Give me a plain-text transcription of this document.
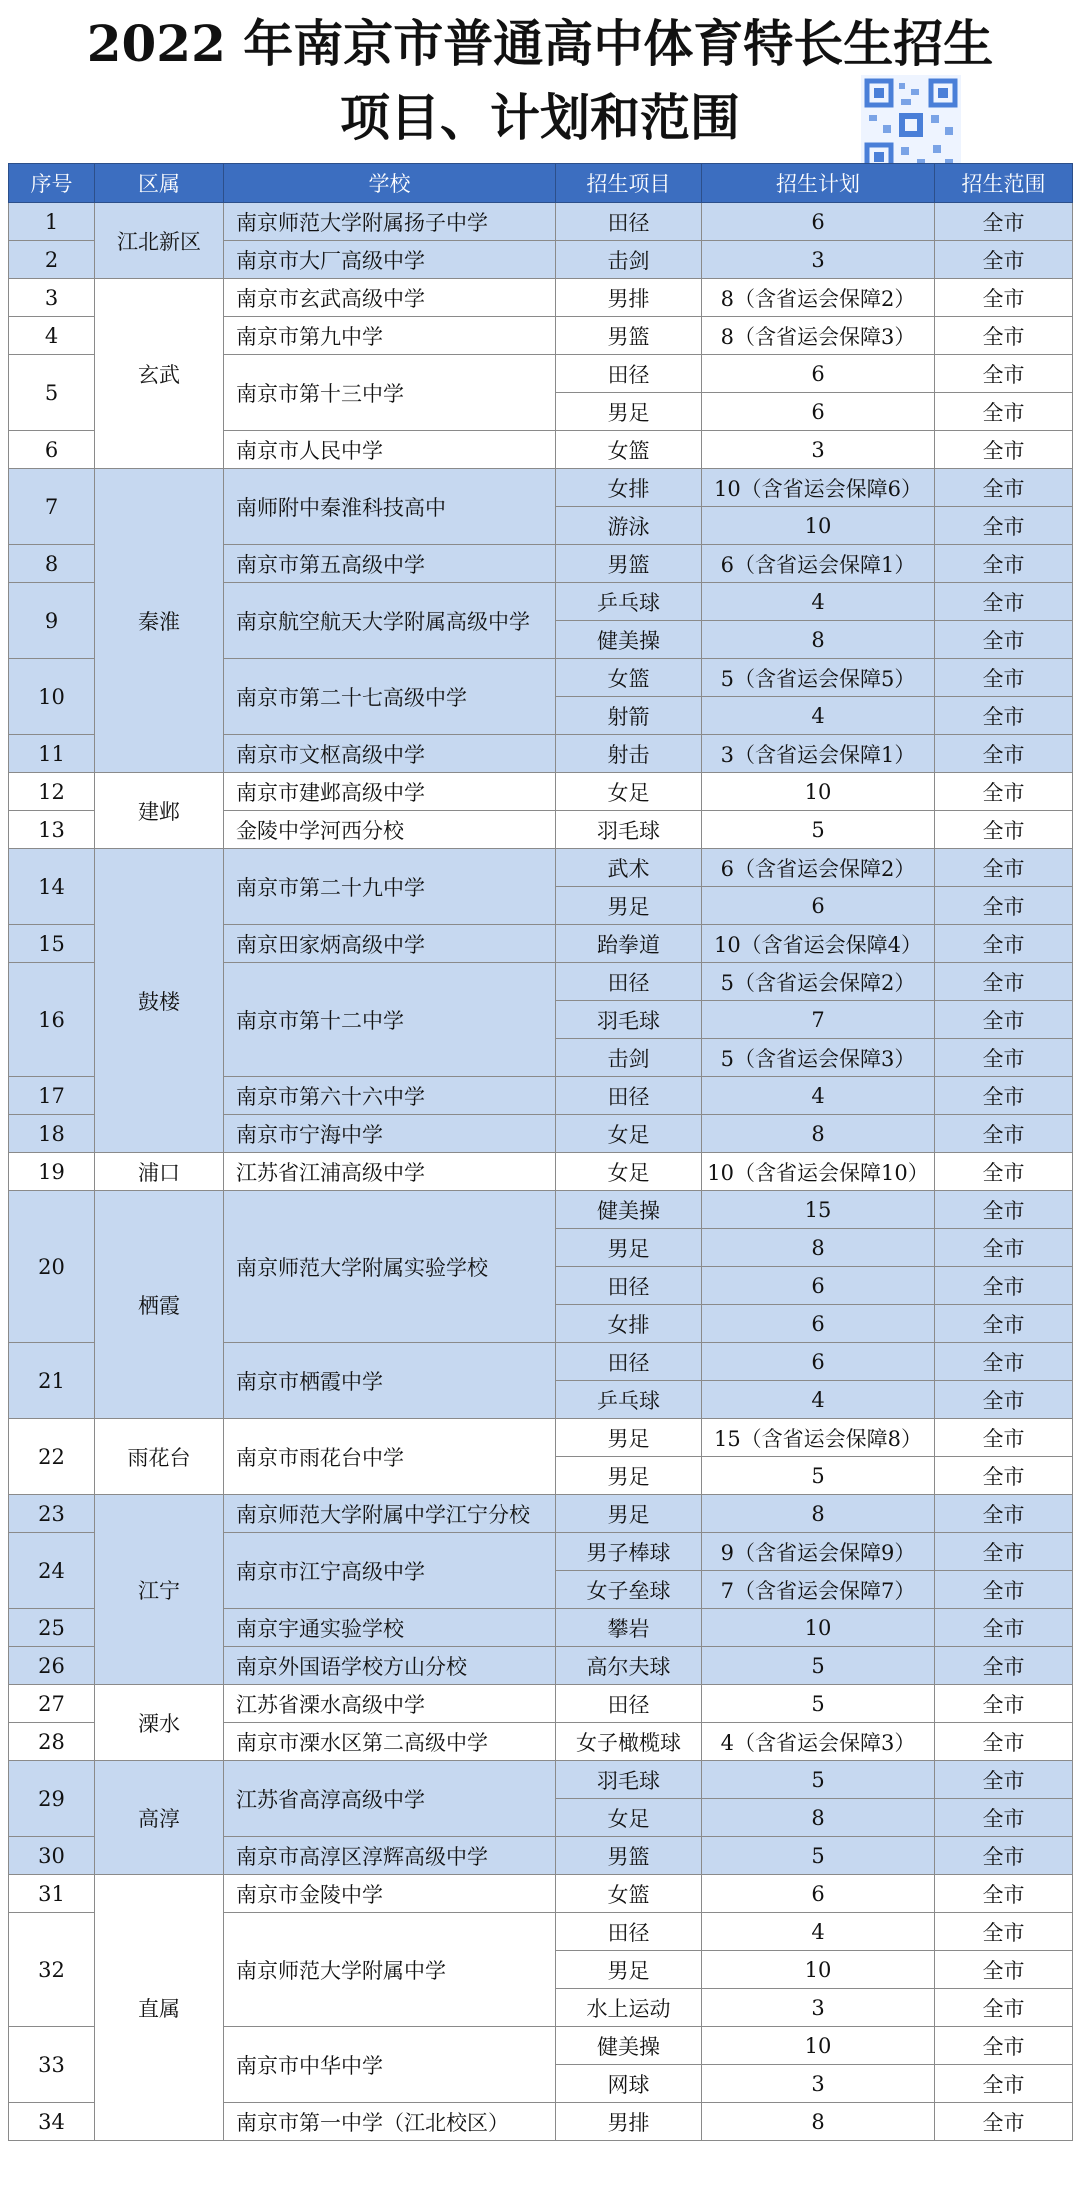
2022 年南京市普通高中体育特长生招生
项目、计划和范围
序号	区属	学校	招生项目	招生计划	招生范围
1	江北新区	南京师范大学附属扬子中学	田径	6	全市
2		南京市大厂高级中学	击剑	3	全市
3	玄武	南京市玄武高级中学	男排	8（含省运会保障2）	全市
4		南京市第九中学	男篮	8（含省运会保障3）	全市
5		南京市第十三中学	田径	6	全市
			男足	6	全市
6		南京市人民中学	女篮	3	全市
7	秦淮	南师附中秦淮科技高中	女排	10（含省运会保障6）	全市
			游泳	10	全市
8		南京市第五高级中学	男篮	6（含省运会保障1）	全市
9		南京航空航天大学附属高级中学	乒乓球	4	全市
			健美操	8	全市
10		南京市第二十七高级中学	女篮	5（含省运会保障5）	全市
			射箭	4	全市
11		南京市文枢高级中学	射击	3（含省运会保障1）	全市
12	建邺	南京市建邺高级中学	女足	10	全市
13		金陵中学河西分校	羽毛球	5	全市
14	鼓楼	南京市第二十九中学	武术	6（含省运会保障2）	全市
			男足	6	全市
15		南京田家炳高级中学	跆拳道	10（含省运会保障4）	全市
16		南京市第十二中学	田径	5（含省运会保障2）	全市
			羽毛球	7	全市
			击剑	5（含省运会保障3）	全市
17		南京市第六十六中学	田径	4	全市
18		南京市宁海中学	女足	8	全市
19	浦口	江苏省江浦高级中学	女足	10（含省运会保障10）	全市
20	栖霞	南京师范大学附属实验学校	健美操	15	全市
			男足	8	全市
			田径	6	全市
			女排	6	全市
21		南京市栖霞中学	田径	6	全市
			乒乓球	4	全市
22	雨花台	南京市雨花台中学	男足	15（含省运会保障8）	全市
			男足	5	全市
23	江宁	南京师范大学附属中学江宁分校	男足	8	全市
24		南京市江宁高级中学	男子棒球	9（含省运会保障9）	全市
			女子垒球	7（含省运会保障7）	全市
25		南京宇通实验学校	攀岩	10	全市
26		南京外国语学校方山分校	高尔夫球	5	全市
27	溧水	江苏省溧水高级中学	田径	5	全市
28		南京市溧水区第二高级中学	女子橄榄球	4（含省运会保障3）	全市
29	高淳	江苏省高淳高级中学	羽毛球	5	全市
			女足	8	全市
30		南京市高淳区淳辉高级中学	男篮	5	全市
31	直属	南京市金陵中学	女篮	6	全市
32		南京师范大学附属中学	田径	4	全市
			男足	10	全市
			水上运动	3	全市
33		南京市中华中学	健美操	10	全市
			网球	3	全市
34		南京市第一中学（江北校区）	男排	8	全市
